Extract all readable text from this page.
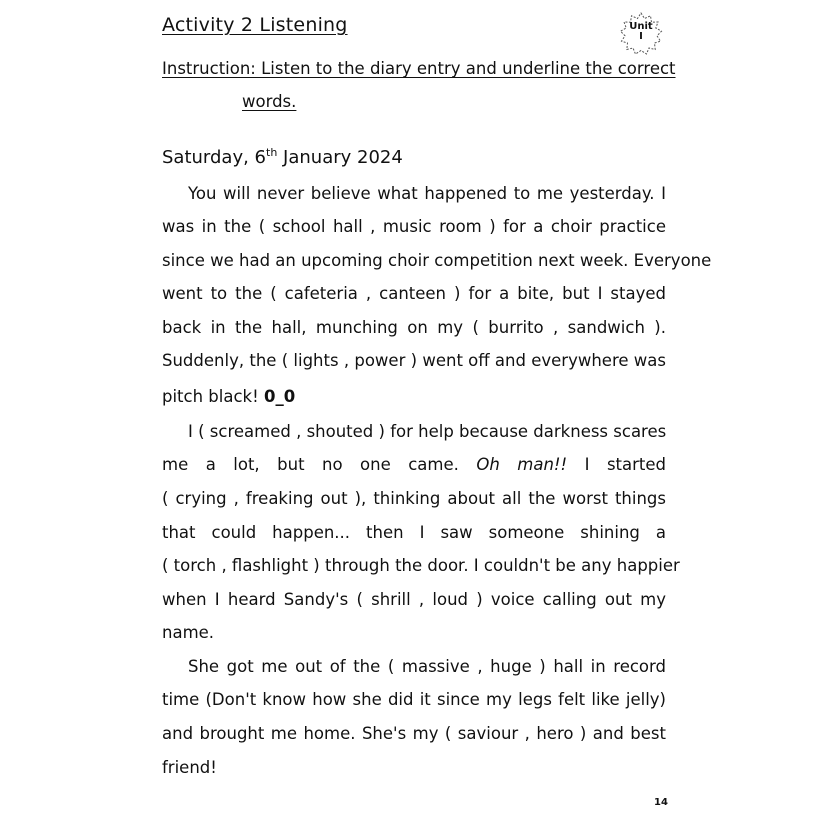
Activity 2 Listening	Unit
I
Instruction: Listen to the diary entry and underline the correct
words.
Saturday, 6th January 2024
You will never believe what happened to me yesterday. I
was in the ( school hall , music room ) for a choir practice
since we had an upcoming choir competition next week. Everyone
went to the ( cafeteria , canteen ) for a bite, but I stayed
back in the hall, munching on my ( burrito , sandwich ).
Suddenly, the ( lights , power ) went off and everywhere was
pitch black! 0_0
I ( screamed , shouted ) for help because darkness scares
me a lot, but no one came. Oh man!! I started
( crying , freaking out ), thinking about all the worst things
that could happen... then I saw someone shining a
( torch , flashlight ) through the door. I couldn't be any happier
when I heard Sandy's ( shrill , loud ) voice calling out my
name.
She got me out of the ( massive , huge ) hall in record
time (Don't know how she did it since my legs felt like jelly)
and brought me home. She's my ( saviour , hero ) and best
friend!
14
